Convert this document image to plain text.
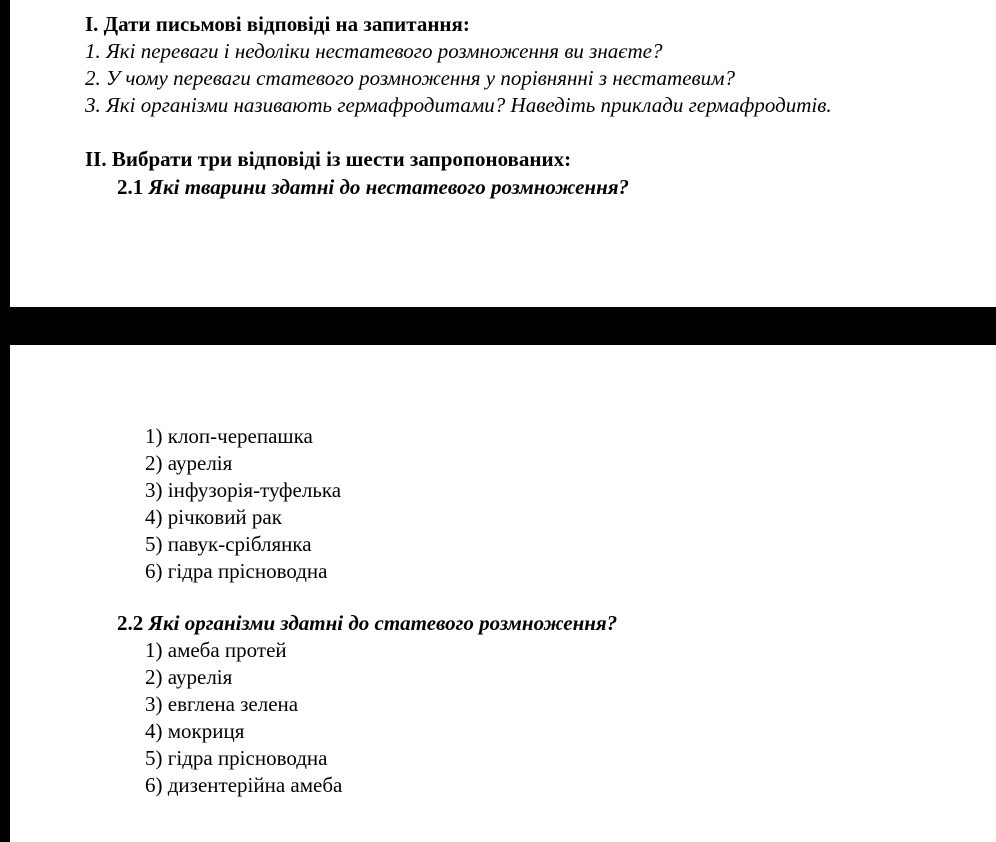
I. Дати письмові відповіді на запитання:
1. Які переваги і недоліки нестатевого розмноження ви знаєте?
2. У чому переваги статевого розмноження у порівнянні з нестатевим?
3. Які організми називають гермафродитами? Наведіть приклади гермафродитів.
II. Вибрати три відповіді із шести запропонованих:
2.1 Які тварини здатні до нестатевого розмноження?
1) клоп-черепашка
2) аурелія
3) інфузорія-туфелька
4) річковий рак
5) павук-сріблянка
6) гідра прісноводна
2.2 Які організми здатні до статевого розмноження?
1) амеба протей
2) аурелія
3) евглена зелена
4) мокриця
5) гідра прісноводна
6) дизентерійна амеба
